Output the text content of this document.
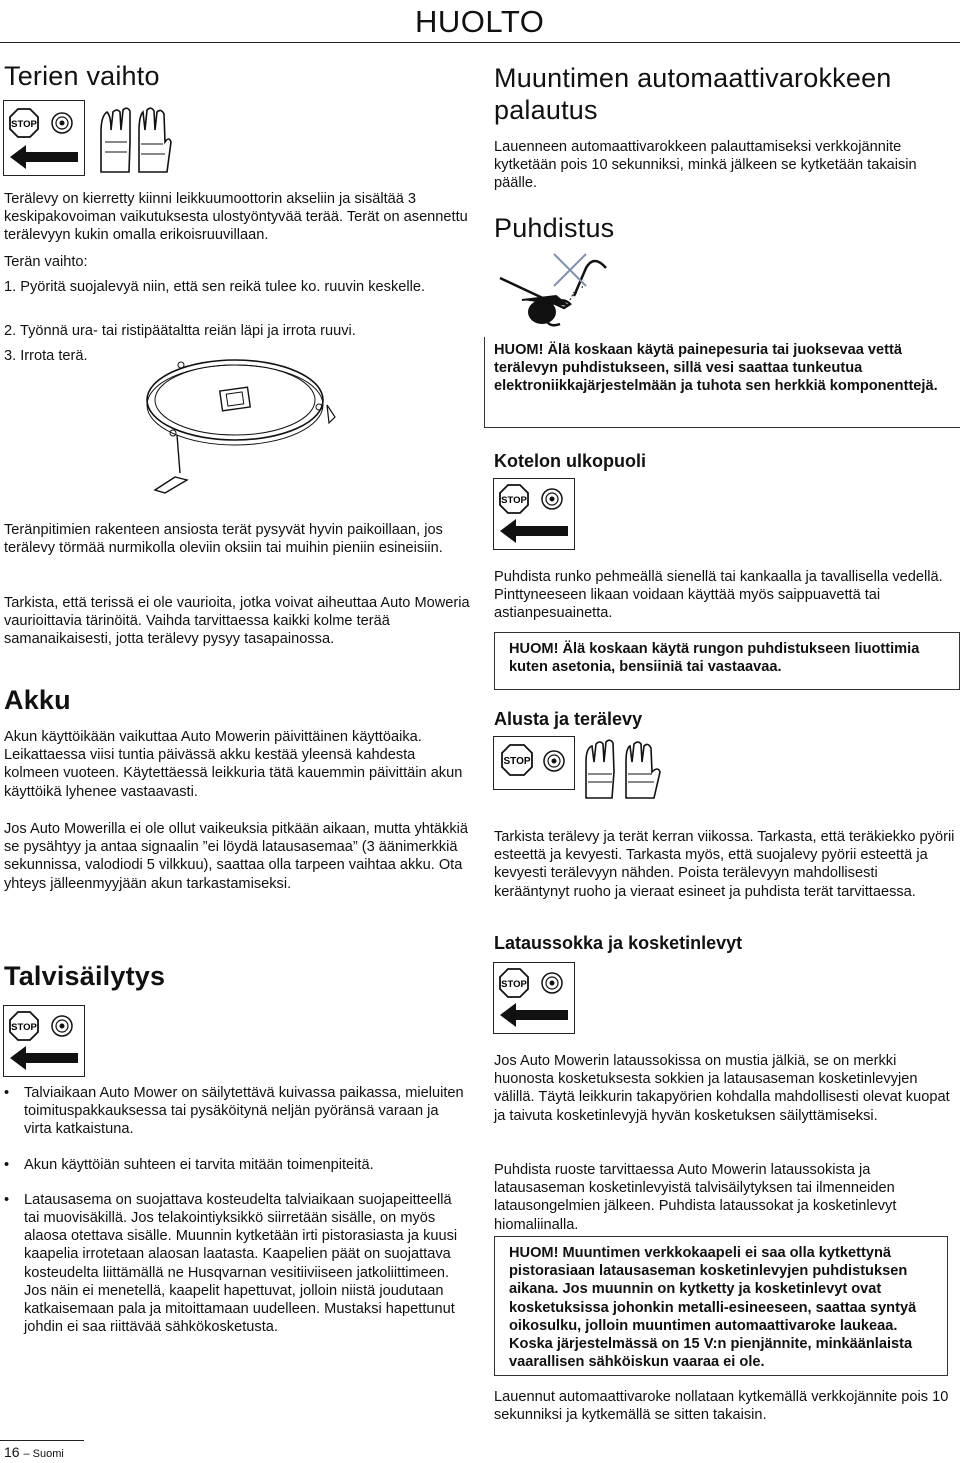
HUOLTO
Terien vaihto
STOP

Terälevy on kierretty kiinni leikkuumoottorin akseliin ja sisältää 3 keskipakovoiman vaikutuksesta ulostyöntyvää terää. Terät on asennettu terälevyyn kukin omalla erikoisruuvillaan.

Terän vaihto:

1. Pyöritä suojalevyä niin, että sen reikä tulee ko. ruuvin keskelle.

2. Työnnä ura- tai ristipäätaltta reiän läpi ja irrota ruuvi.

3. Irrota terä.

Teränpitimien rakenteen ansiosta terät pysyvät hyvin paikoillaan, jos terälevy törmää nurmikolla oleviin oksiin tai muihin pieniin esineisiin.

Tarkista, että terissä ei ole vaurioita, jotka voivat aiheuttaa Auto Moweria vaurioittavia tärinöitä. Vaihda tarvittaessa kaikki kolme terää samanaikaisesti, jotta terälevy pysyy tasapainossa.

Akku

Akun käyttöikään vaikuttaa Auto Mowerin päivittäinen käyttöaika. Leikattaessa viisi tuntia päivässä akku kestää yleensä kahdesta kolmeen vuoteen. Käytettäessä leikkuria tätä kauemmin päivittäin akun käyttöikä lyhenee vastaavasti.

Jos Auto Mowerilla ei ole ollut vaikeuksia pitkään aikaan, mutta yhtäkkiä se pysähtyy ja antaa signaalin ”ei löydä latausasemaa” (3 äänimerkkiä sekunnissa, valodiodi 5 vilkkuu), saattaa olla tarpeen vaihtaa akku. Ota yhteys jälleenmyyjään akun tarkastamiseksi.

Talvisäilytys
STOP
• Talviaikaan Auto Mower on säilytettävä kuivassa paikassa, mieluiten toimituspakkauksessa tai pysäköitynä neljän pyöränsä varaan ja virta katkaistuna.
• Akun käyttöiän suhteen ei tarvita mitään toimenpiteitä.
• Latausasema on suojattava kosteudelta talviaikaan suojapeitteellä tai muovisäkillä. Jos telakointiyksikkö siirretään sisälle, on myös alaosa otettava sisälle. Muunnin kytketään irti pistorasiasta ja kuusi kaapelia irrotetaan alaosan laatasta. Kaapelien päät on suojattava kosteudelta liittämällä ne Husqvarnan vesitiiviiseen jatkoliittimeen. Jos näin ei menetellä, kaapelit hapettuvat, jolloin niistä joudutaan katkaisemaan pala ja mitoittamaan uudelleen. Mustaksi hapettunut johdin ei saa riittävää sähkökosketusta.
16 – Suomi
Muuntimen automaattivarokkeen palautus

Lauenneen automaattivarokkeen palauttamiseksi verkkojännite kytketään pois 10 sekunniksi, minkä jälkeen se kytketään takaisin päälle.

Puhdistus
HUOM! Älä koskaan käytä painepesuria tai juoksevaa vettä terälevyn puhdistukseen, sillä vesi saattaa tunkeutua elektroniikkajärjestelmään ja tuhota sen herkkiä komponenttejä.
Kotelon ulkopuoli
STOP

Puhdista runko pehmeällä sienellä tai kankaalla ja tavallisella vedellä. Pinttyneeseen likaan voidaan käyttää myös saippuavettä tai astianpesuainetta.

HUOM! Älä koskaan käytä rungon puhdistukseen liuottimia kuten asetonia, bensiiniä tai vastaavaa.
Alusta ja terälevy
STOP

Tarkista terälevy ja terät kerran viikossa. Tarkasta, että teräkiekko pyörii esteettä ja kevyesti. Tarkasta myös, että suojalevy pyörii esteettä ja kevyesti terälevyyn nähden. Poista terälevyyn mahdollisesti kerääntynyt ruoho ja vieraat esineet ja puhdista terät tarvittaessa.

Lataussokka ja kosketinlevyt
STOP

Jos Auto Mowerin lataussokissa on mustia jälkiä, se on merkki huonosta kosketuksesta sokkien ja latausaseman kosketinlevyjen välillä. Täytä leikkurin takapyörien kohdalla mahdollisesti olevat kuopat ja taivuta kosketinlevyjä hyvän kosketuksen säilyttämiseksi.

Puhdista ruoste tarvittaessa Auto Mowerin lataussokista ja latausaseman kosketinlevyistä talvisäilytyksen tai ilmenneiden latausongelmien jälkeen. Puhdista lataussokat ja kosketinlevyt hiomaliinalla.

HUOM! Muuntimen verkkokaapeli ei saa olla kytkettynä pistorasiaan latausaseman kosketinlevyjen puhdistuksen aikana. Jos muunnin on kytketty ja kosketinlevyt ovat kosketuksissa johonkin metalli-esineeseen, saattaa syntyä oikosulku, jolloin muuntimen automaattivaroke laukeaa. Koska järjestelmässä on 15 V:n pienjännite, minkäänlaista vaarallisen sähköiskun vaaraa ei ole.

Lauennut automaattivaroke nollataan kytkemällä verkkojännite pois 10 sekunniksi ja kytkemällä se sitten takaisin.
